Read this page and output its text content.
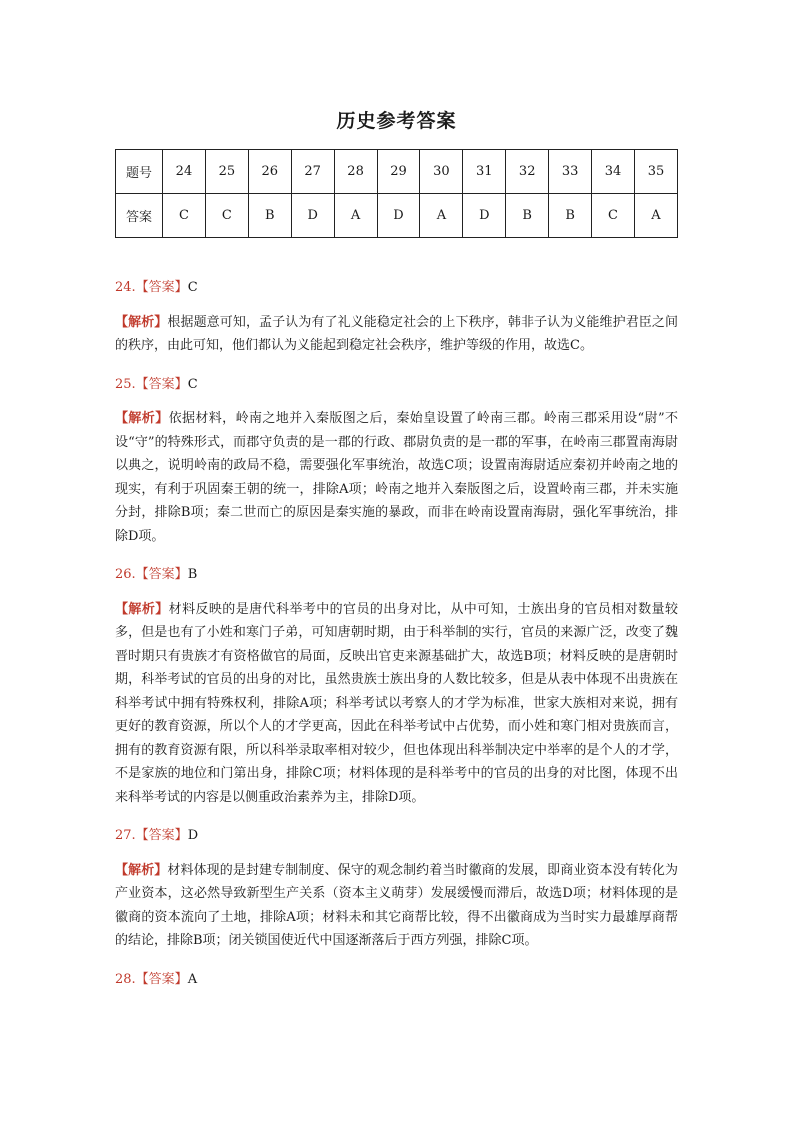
历史参考答案
题号	24	25	26	27	28	29	30	31	32	33	34	35
答案	C	C	B	D	A	D	A	D	B	B	C	A

24.【答案】C

【解析】根据题意可知，孟子认为有了礼义能稳定社会的上下秩序，韩非子认为义能维护君臣之间的秩序，由此可知，他们都认为义能起到稳定社会秩序，维护等级的作用，故选C。

25.【答案】C

【解析】依据材料，岭南之地并入秦版图之后，秦始皇设置了岭南三郡。岭南三郡采用设“尉”不设“守”的特殊形式，而郡守负责的是一郡的行政、郡尉负责的是一郡的军事，在岭南三郡置南海尉以典之，说明岭南的政局不稳，需要强化军事统治，故选C项；设置南海尉适应秦初并岭南之地的现实，有利于巩固秦王朝的统一，排除A项；岭南之地并入秦版图之后，设置岭南三郡，并未实施分封，排除B项；秦二世而亡的原因是秦实施的暴政，而非在岭南设置南海尉，强化军事统治，排除D项。

26.【答案】B

【解析】材料反映的是唐代科举考中的官员的出身对比，从中可知，士族出身的官员相对数量较多，但是也有了小姓和寒门子弟，可知唐朝时期，由于科举制的实行，官员的来源广泛，改变了魏晋时期只有贵族才有资格做官的局面，反映出官吏来源基础扩大，故选B项；材料反映的是唐朝时期，科举考试的官员的出身的对比，虽然贵族士族出身的人数比较多，但是从表中体现不出贵族在科举考试中拥有特殊权利，排除A项；科举考试以考察人的才学为标准，世家大族相对来说，拥有更好的教育资源，所以个人的才学更高，因此在科举考试中占优势，而小姓和寒门相对贵族而言，拥有的教育资源有限，所以科举录取率相对较少，但也体现出科举制决定中举率的是个人的才学，不是家族的地位和门第出身，排除C项；材料体现的是科举考中的官员的出身的对比图，体现不出来科举考试的内容是以侧重政治素养为主，排除D项。

27.【答案】D

【解析】材料体现的是封建专制制度、保守的观念制约着当时徽商的发展，即商业资本没有转化为产业资本，这必然导致新型生产关系（资本主义萌芽）发展缓慢而滞后，故选D项；材料体现的是徽商的资本流向了土地，排除A项；材料未和其它商帮比较，得不出徽商成为当时实力最雄厚商帮的结论，排除B项；闭关锁国使近代中国逐渐落后于西方列强，排除C项。

28.【答案】A
